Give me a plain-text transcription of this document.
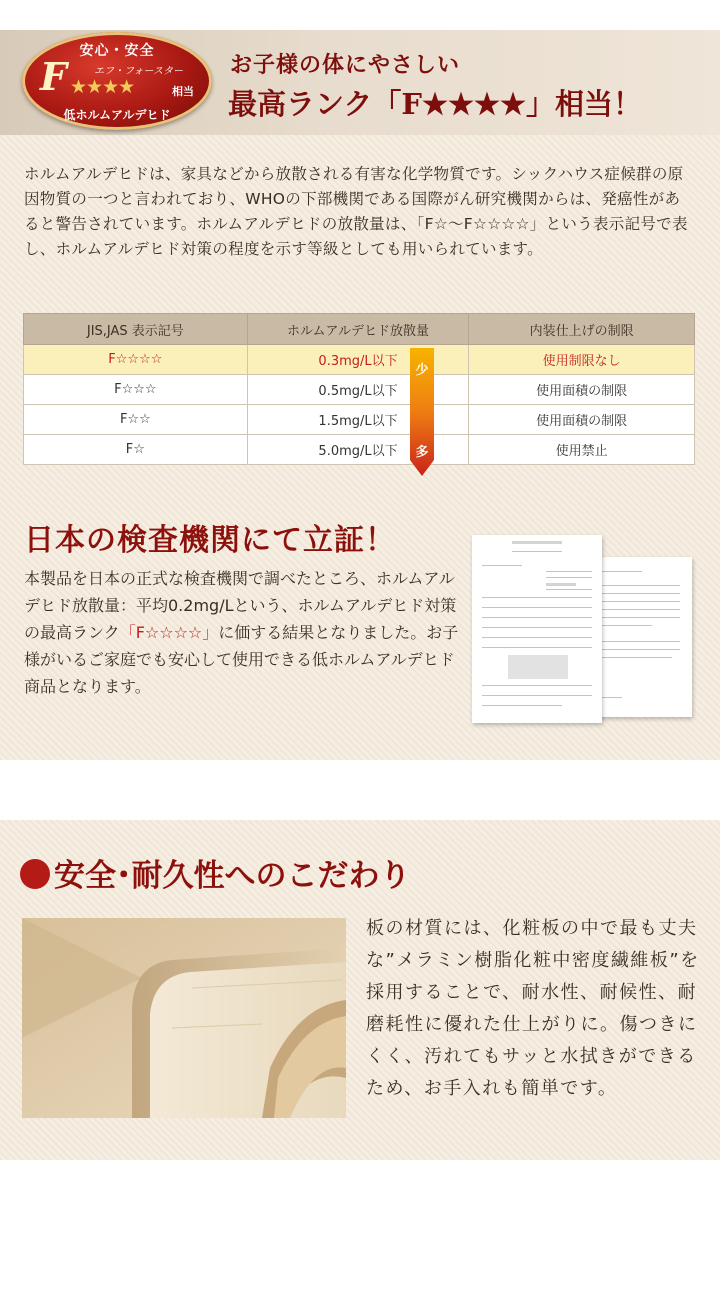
安心・安全
F	エフ・フォースター
★★★★	相当
低ホルムアルデヒド
お子様の体にやさしい
最高ランク「F★★★★」相当！

ホルムアルデヒドは、家具などから放散される有害な化学物質です。シックハウス症候群の原因物質の一つと言われており、WHOの下部機関である国際がん研究機関からは、発癌性があると警告されています。ホルムアルデヒドの放散量は、「F☆～F☆☆☆☆」という表示記号で表し、ホルムアルデヒド対策の程度を示す等級としても用いられています。

JIS,JAS 表示記号	ホルムアルデヒド放散量	内装仕上げの制限
F☆☆☆☆	0.3mg/L以下	使用制限なし
F☆☆☆	0.5mg/L以下	使用面積の制限
F☆☆	1.5mg/L以下	使用面積の制限
F☆	5.0mg/L以下	使用禁止
少
多
日本の検査機関にて立証！

本製品を日本の正式な検査機関で調べたところ、ホルムアルデヒド放散量：平均0.2mg/Lという、ホルムアルデヒド対策の最高ランク「F☆☆☆☆」に価する結果となりました。お子様がいるご家庭でも安心して使用できる低ホルムアルデヒド商品となります。

安全･耐久性へのこだわり

板の材質には、化粧板の中で最も丈夫な”メラミン樹脂化粧中密度繊維板”を採用することで、耐水性、耐候性、耐磨耗性に優れた仕上がりに。傷つきにくく、汚れてもサッと水拭きができるため、お手入れも簡単です。
